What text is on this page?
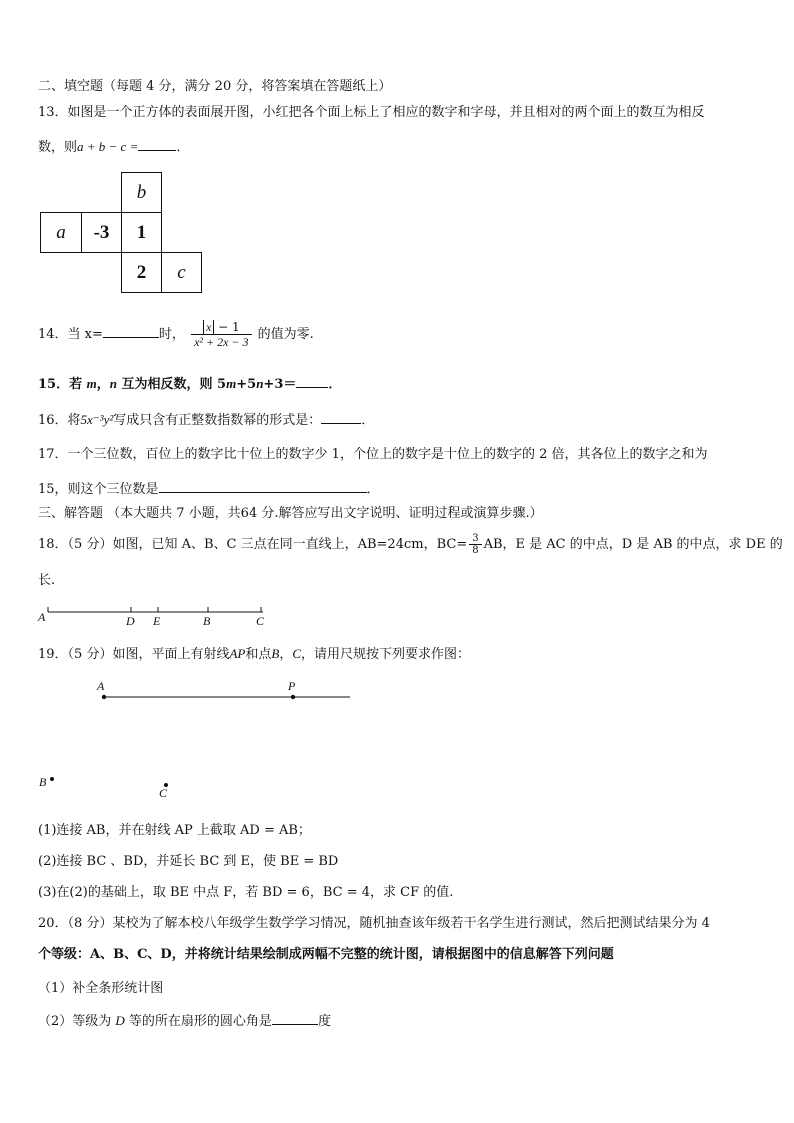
二、填空题（每题 4 分，满分 20 分，将答案填在答题纸上）
13．如图是一个正方体的表面展开图，小红把各个面上标上了相应的数字和字母，并且相对的两个面上的数互为相反
数，则a + b − c =	．
b
a	-3	1
2	c
14．当 x=	时， $\frac{x - 1}{\text{x² + 2x − 3}}$ 的值为零.
15．若 m，n 互为相反数，则 5m+5n+3＝ ．
16．将5x⁻³y²写成只含有正整数指数幂的形式是：	．
17．一个三位数，百位上的数字比十位上的数字少 1，个位上的数字是十位上的数字的 2 倍，其各位上的数字之和为
15，则这个三位数是	．
三、解答题 （本大题共 7 小题，共64 分.解答应写出文字说明、证明过程或演算步骤.）
18．（5 分）如图，已知 A、B、C 三点在同一直线上，AB=24cm，$BC= \frac{3}{8}$ AB，E 是 AC 的中点，D 是 AB 的中点，求 DE 的
长.
A	D E	B	C
19．（5 分）如图，平面上有射线AP和点B，C，请用尺规按下列要求作图：
A	P
B
C
(1)连接 AB，并在射线 AP 上截取 AD = AB；
(2)连接 BC 、BD，并延长 BC 到 E，使 BE = BD
(3)在(2)的基础上，取 BE 中点 F，若 BD = 6，BC = 4，求 CF 的值.
20．（8 分）某校为了解本校八年级学生数学学习情况，随机抽查该年级若干名学生进行测试，然后把测试结果分为 4
个等级：A、B、C、D，并将统计结果绘制成两幅不完整的统计图，请根据图中的信息解答下列问题
（1）补全条形统计图
（2）等级为 D 等的所在扇形的圆心角是	度
